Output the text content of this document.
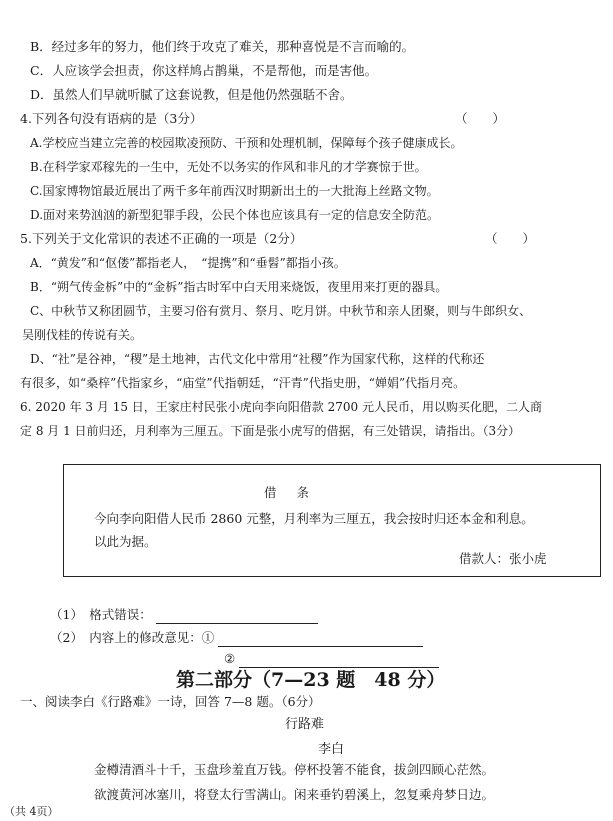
B．经过多年的努力，他们终于攻克了难关，那种喜悦是不言而喻的。
C．人应该学会担责，你这样鸠占鹊巢，不是帮他，而是害他。
D．虽然人们早就听腻了这套说教，但是他仍然强聒不舍。
4.下列各句没有语病的是（3分）	（　　）
A.学校应当建立完善的校园欺凌预防、干预和处理机制，保障每个孩子健康成长。
B.在科学家邓稼先的一生中，无处不以务实的作风和非凡的才学赛惊于世。
C.国家博物馆最近展出了两千多年前西汉时期新出土的一大批海上丝路文物。
D.面对来势汹汹的新型犯罪手段，公民个体也应该具有一定的信息安全防范。
5.下列关于文化常识的表述不正确的一项是（2分）	（　　）
A．“黄发”和“伛偻”都指老人，　“提携”和“垂髫”都指小孩。
B．“朔气传金柝”中的“金柝”指古时军中白天用来烧饭，夜里用来打更的器具。
C、中秋节又称团圆节，主要习俗有赏月、祭月、吃月饼。中秋节和亲人团聚，则与牛郎织女、
吴刚伐桂的传说有关。
D、“社”是谷神，“稷”是土地神，古代文化中常用“社稷”作为国家代称，这样的代称还
有很多，如“桑梓”代指家乡，“庙堂”代指朝廷，“汗青”代指史册，“婵娟”代指月亮。
6. 2020 年 3 月 15 日，王家庄村民张小虎向李向阳借款 2700 元人民币，用以购买化肥，二人商
定 8 月 1 日前归还，月利率为三厘五。下面是张小虎写的借据，有三处错误，请指出。（3分）
借条
今向李向阳借人民币 2860 元整，月利率为三厘五，我会按时归还本金和利息。
以此为据。
借款人：张小虎
（1）　格式错误：
（2）　内容上的修改意见：①
②
第二部分（7—23 题　48 分）
一、阅读李白《行路难》一诗，回答 7—8 题。（6分）
行路难
李白
金樽清酒斗十千，玉盘珍羞直万钱。停杯投箸不能食，拔剑四顾心茫然。
欲渡黄河冰塞川，将登太行雪满山。闲来垂钓碧溪上，忽复乘舟梦日边。
（共 4页）
